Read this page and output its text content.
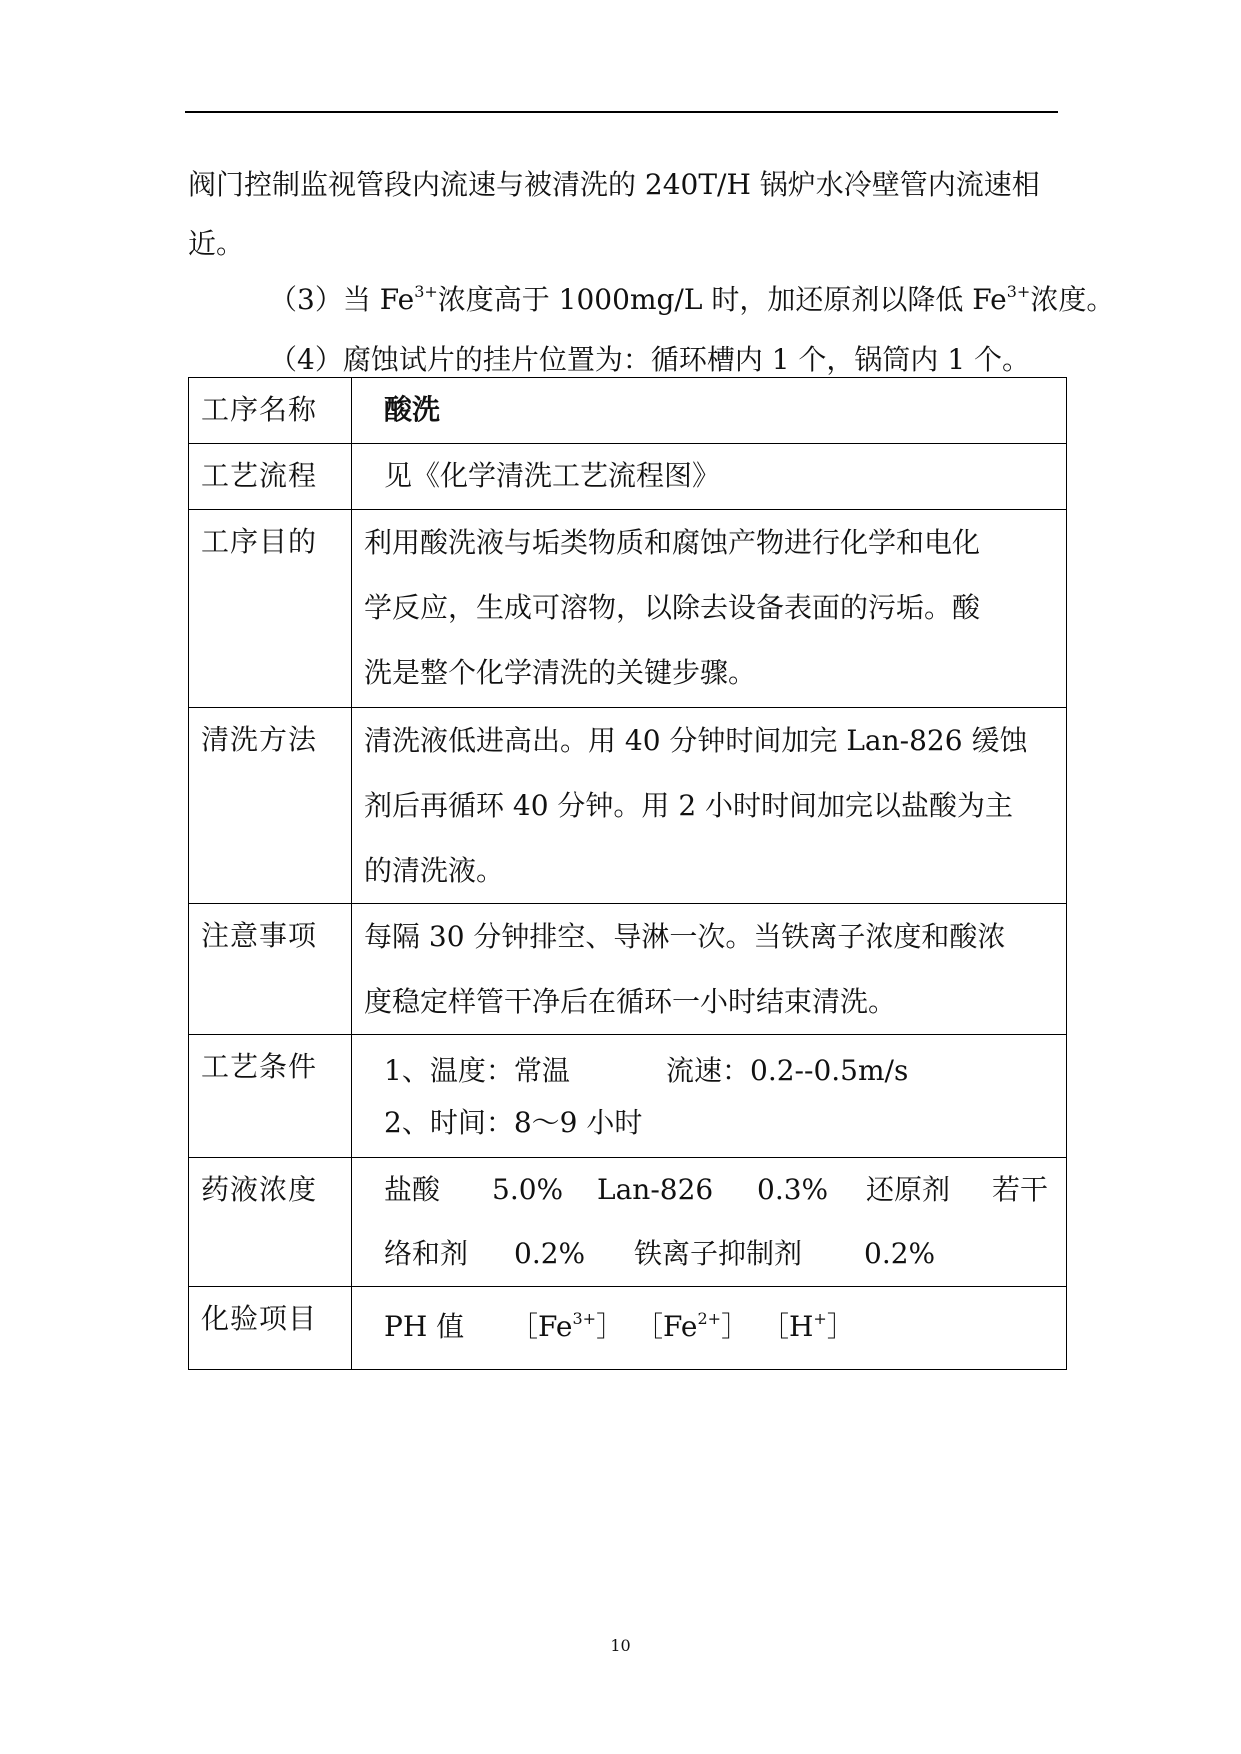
阀门控制监视管段内流速与被清洗的 240T/H 锅炉水冷壁管内流速相
近。
（3）当 $Fe^{3+}$浓度高于 1000mg/L 时，加还原剂以降低 $Fe^{3+}$浓度。
（4）腐蚀试片的挂片位置为：循环槽内 1 个，锅筒内 1 个。
工序名称	酸洗
工艺流程	见《化学清洗工艺流程图》
工序目的	利用酸洗液与垢类物质和腐蚀产物进行化学和电化
学反应，生成可溶物，以除去设备表面的污垢。酸
洗是整个化学清洗的关键步骤。

清洗方法	清洗液低进高出。用 40 分钟时间加完 Lan-826 缓蚀
剂后再循环 40 分钟。用 2 小时时间加完以盐酸为主
的清洗液。

注意事项	每隔 30 分钟排空、导淋一次。当铁离子浓度和酸浓
度稳定样管干净后在循环一小时结束清洗。

工艺条件	1、温度：常温 流速：0.2--0.5m/s
2、时间：8～9 小时

药液浓度	盐酸 5.0% Lan-826 0.3% 还原剂 若干
络和剂 0.2% 铁离子抑制剂 0.2%

化验项目	PH 值 $[Fe^{3+}]$ $[Fe^{2+}]$ ［H+］
10
